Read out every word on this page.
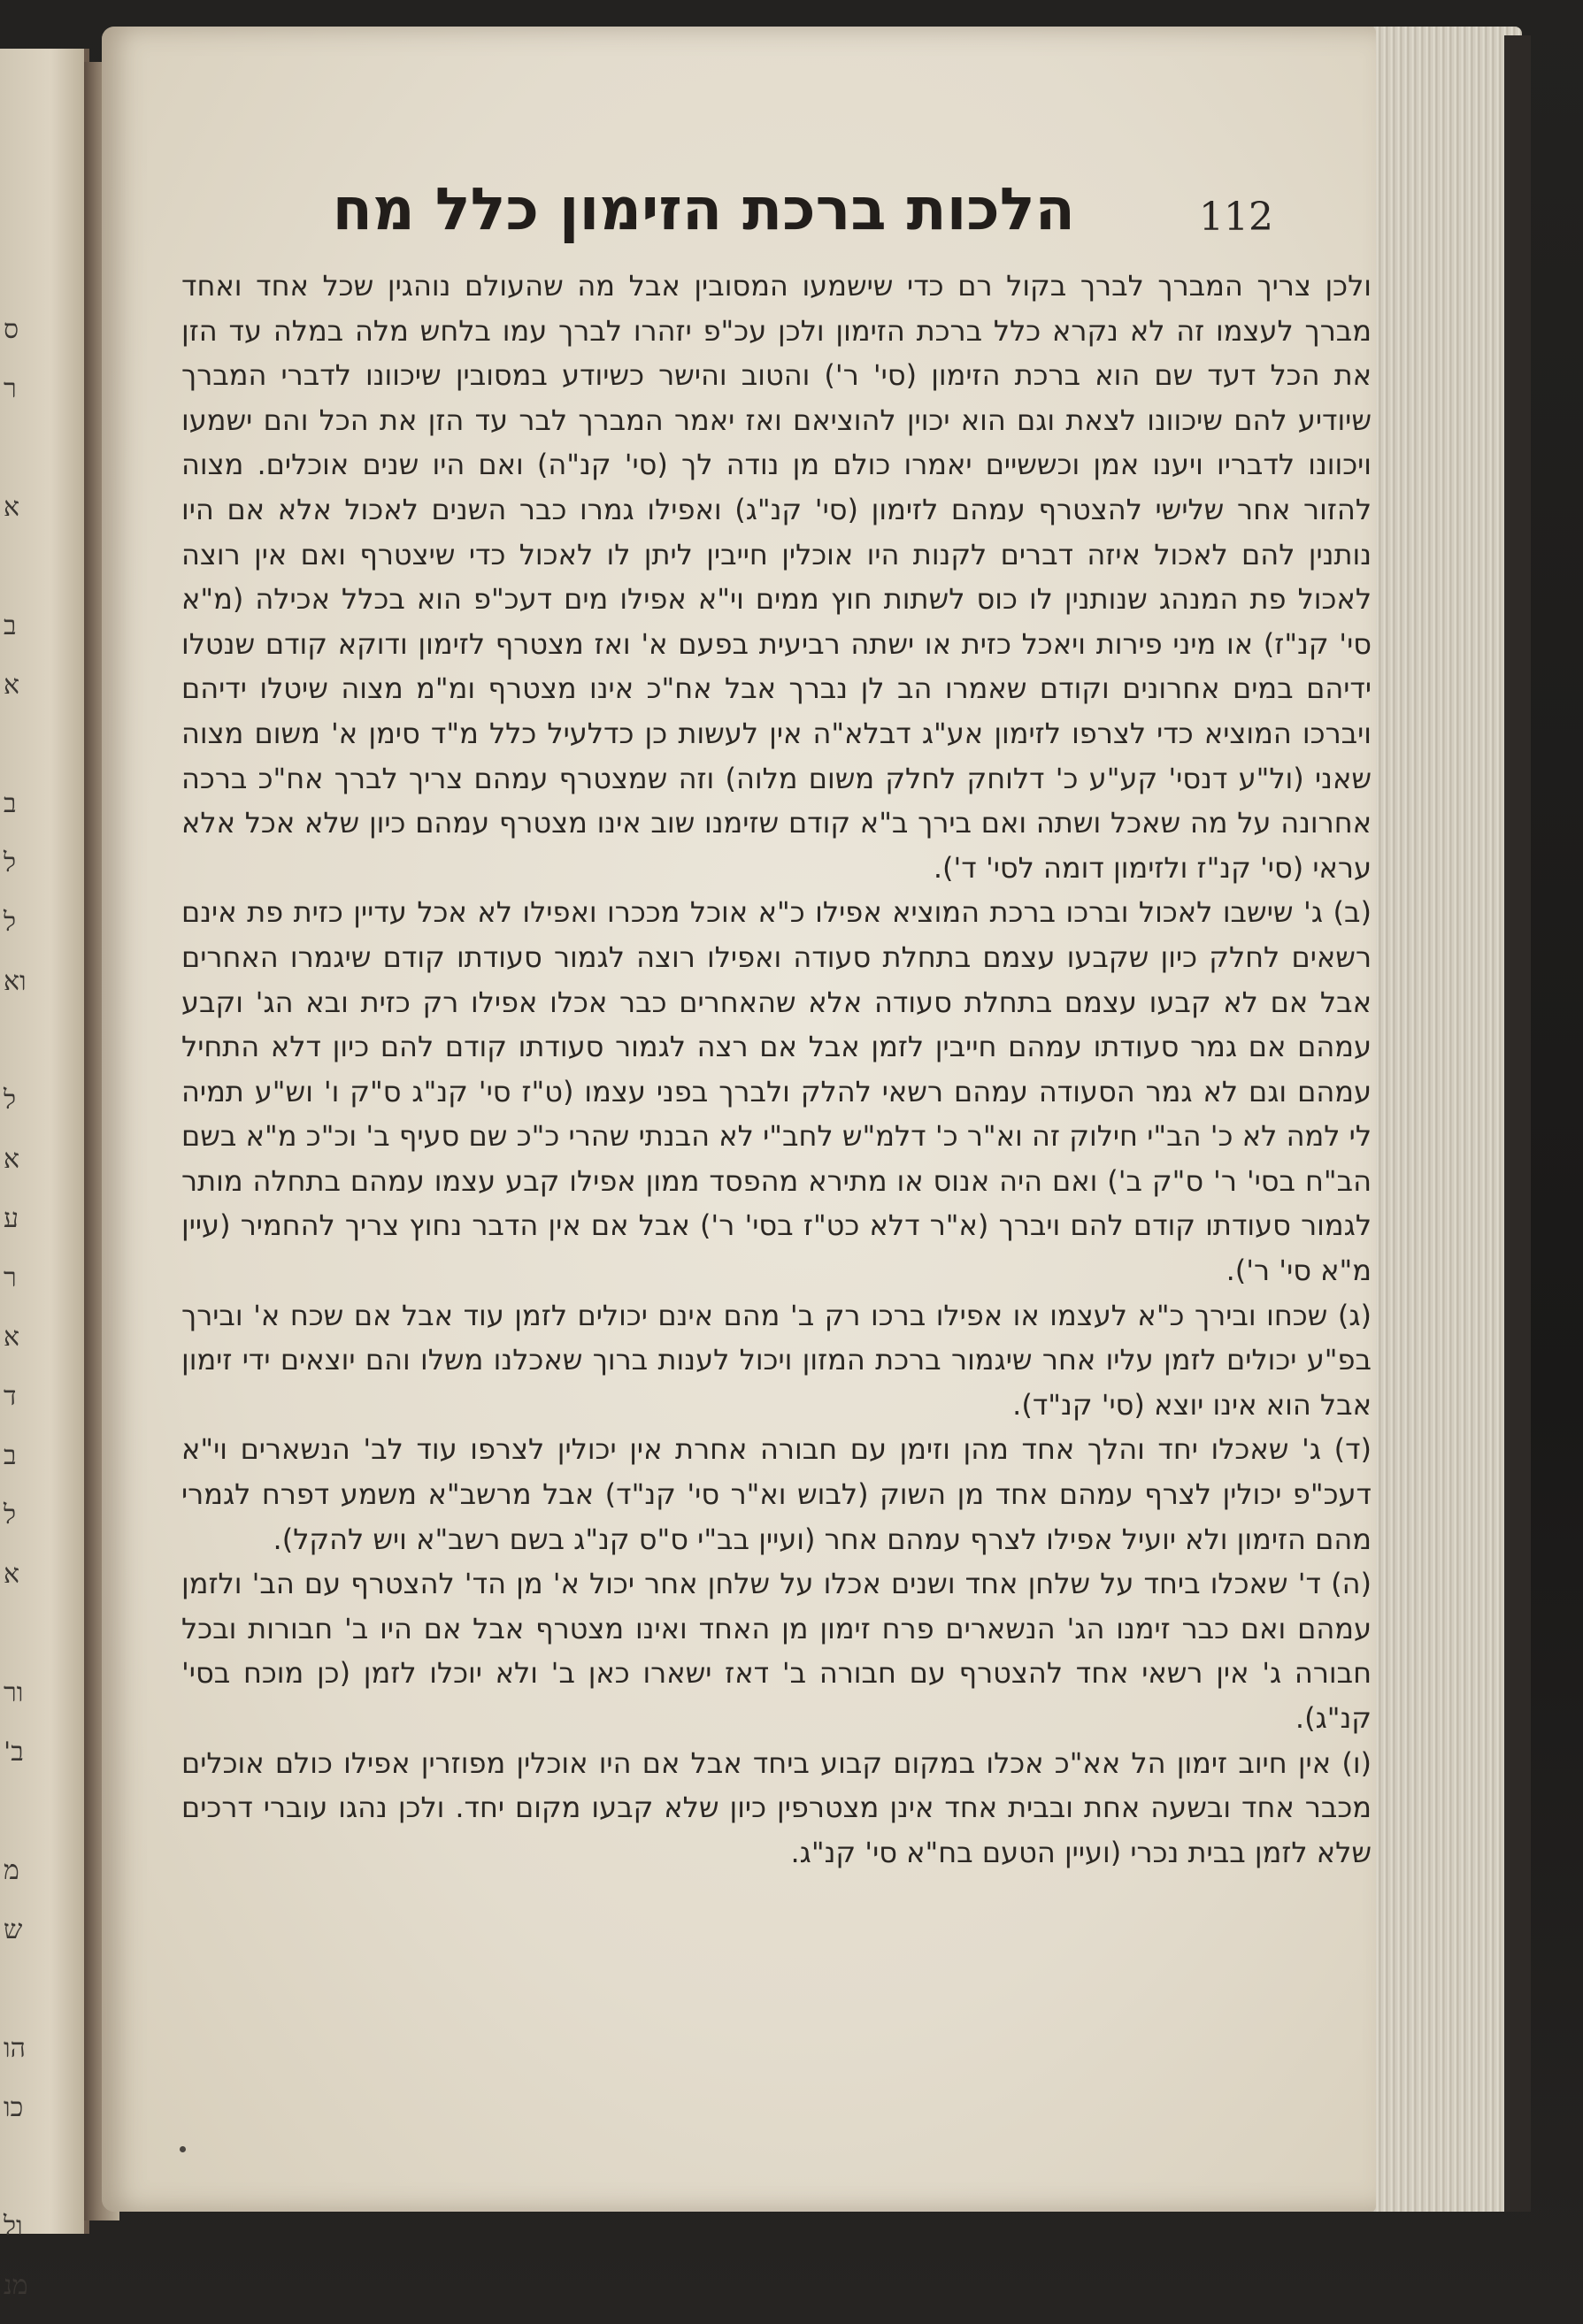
ס
ר
א
ב
א
ב
ל
ל
וא
ל
א
ע
ר
א
ד
ב
ל
א
ור
ב'
מ
ש
הו
כו
ול
מנ
112
הלכות ברכת הזימון כלל מח

ולכן צריך המברך לברך בקול רם כדי שישמעו המסובין אבל מה שהעולם נוהגין שכל אחד ואחד מברך לעצמו זה לא נקרא כלל ברכת הזימון ולכן עכ"פ יזהרו לברך עמו בלחש מלה במלה עד הזן את הכל דעד שם הוא ברכת הזימון (סי' ר') והטוב והישר כשיודע במסובין שיכוונו לדברי המברך שיודיע להם שיכוונו לצאת וגם הוא יכוין להוציאם ואז יאמר המברך לבר עד הזן את הכל והם ישמעו ויכוונו לדבריו ויענו אמן וכששיים יאמרו כולם מן נודה לך (סי' קנ"ה) ואם היו שנים אוכלים. מצוה להזור אחר שלישי להצטרף עמהם לזימון (סי' קנ"ג) ואפילו גמרו כבר השנים לאכול אלא אם היו נותנין להם לאכול איזה דברים לקנות היו אוכלין חייבין ליתן לו לאכול כדי שיצטרף ואם אין רוצה לאכול פת המנהג שנותנין לו כוס לשתות חוץ ממים וי"א אפילו מים דעכ"פ הוא בכלל אכילה (מ"א סי' קנ"ז) או מיני פירות ויאכל כזית או ישתה רביעית בפעם א' ואז מצטרף לזימון ודוקא קודם שנטלו ידיהם במים אחרונים וקודם שאמרו הב לן נברך אבל אח"כ אינו מצטרף ומ"מ מצוה שיטלו ידיהם ויברכו המוציא כדי לצרפו לזימון אע"ג דבלא"ה אין לעשות כן כדלעיל כלל מ"ד סימן א' משום מצוה שאני (ול"ע דנסי' קע"ע כ' דלוחק לחלק משום מלוה) וזה שמצטרף עמהם צריך לברך אח"כ ברכה אחרונה על מה שאכל ושתה ואם בירך ב"א קודם שזימנו שוב אינו מצטרף עמהם כיון שלא אכל אלא עראי (סי' קנ"ז ולזימון דומה לסי' ד').

(ב) ג' שישבו לאכול וברכו ברכת המוציא אפילו כ"א אוכל מככרו ואפילו לא אכל עדיין כזית פת אינם רשאים לחלק כיון שקבעו עצמם בתחלת סעודה ואפילו רוצה לגמור סעודתו קודם שיגמרו האחרים אבל אם לא קבעו עצמם בתחלת סעודה אלא שהאחרים כבר אכלו אפילו רק כזית ובא הג' וקבע עמהם אם גמר סעודתו עמהם חייבין לזמן אבל אם רצה לגמור סעודתו קודם להם כיון דלא התחיל עמהם וגם לא גמר הסעודה עמהם רשאי להלק ולברך בפני עצמו (ט"ז סי' קנ"ג ס"ק ו' וש"ע תמיה לי למה לא כ' הב"י חילוק זה וא"ר כ' דלמ"ש לחב"י לא הבנתי שהרי כ"כ שם סעיף ב' וכ"כ מ"א בשם הב"ח בסי' ר' ס"ק ב') ואם היה אנוס או מתירא מהפסד ממון אפילו קבע עצמו עמהם בתחלה מותר לגמור סעודתו קודם להם ויברך (א"ר דלא כט"ז בסי' ר') אבל אם אין הדבר נחוץ צריך להחמיר (עיין מ"א סי' ר').

(ג) שכחו ובירך כ"א לעצמו או אפילו ברכו רק ב' מהם אינם יכולים לזמן עוד אבל אם שכח א' ובירך בפ"ע יכולים לזמן עליו אחר שיגמור ברכת המזון ויכול לענות ברוך שאכלנו משלו והם יוצאים ידי זימון אבל הוא אינו יוצא (סי' קנ"ד).

(ד) ג' שאכלו יחד והלך אחד מהן וזימן עם חבורה אחרת אין יכולין לצרפו עוד לב' הנשארים וי"א דעכ"פ יכולין לצרף עמהם אחד מן השוק (לבוש וא"ר סי' קנ"ד) אבל מרשב"א משמע דפרח לגמרי מהם הזימון ולא יועיל אפילו לצרף עמהם אחר (ועיין בב"י ס"ס קנ"ג בשם רשב"א ויש להקל).

(ה) ד' שאכלו ביחד על שלחן אחד ושנים אכלו על שלחן אחר יכול א' מן הד' להצטרף עם הב' ולזמן עמהם ואם כבר זימנו הג' הנשארים פרח זימון מן האחד ואינו מצטרף אבל אם היו ב' חבורות ובכל חבורה ג' אין רשאי אחד להצטרף עם חבורה ב' דאז ישארו כאן ב' ולא יוכלו לזמן (כן מוכח בסי' קנ"ג).

(ו) אין חיוב זימון הל אא"כ אכלו במקום קבוע ביחד אבל אם היו אוכלין מפוזרין אפילו כולם אוכלים מכבר אחד ובשעה אחת ובבית אחד אינן מצטרפין כיון שלא קבעו מקום יחד. ולכן נהגו עוברי דרכים שלא לזמן בבית נכרי (ועיין הטעם בח"א סי' קנ"ג.
